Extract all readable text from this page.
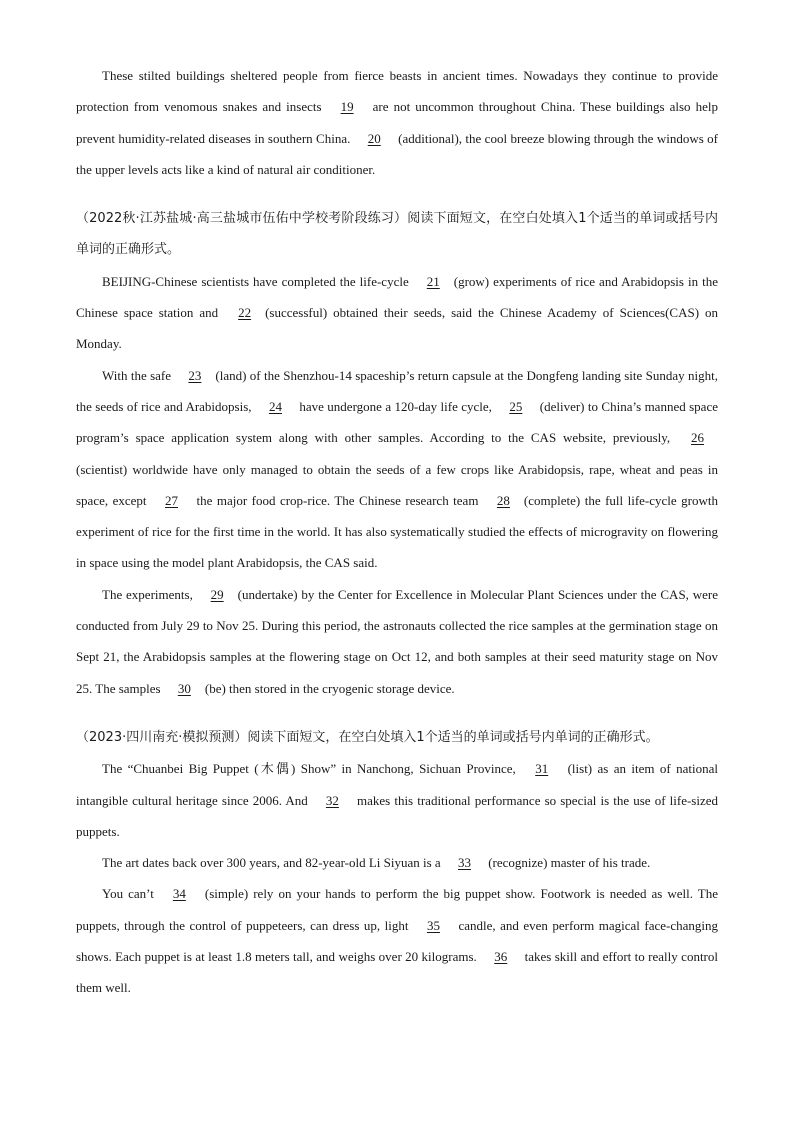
These stilted buildings sheltered people from fierce beasts in ancient times. Nowadays they continue to provide protection from venomous snakes and insects 19 are not uncommon throughout China. These buildings also help prevent humidity-related diseases in southern China. 20 (additional), the cool breeze blowing through the windows of the upper levels acts like a kind of natural air conditioner.

（2022秋·江苏盐城·高三盐城市伍佑中学校考阶段练习）阅读下面短文，在空白处填入1个适当的单词或括号内单词的正确形式。

BEIJING-Chinese scientists have completed the life-cycle 21 (grow) experiments of rice and Arabidopsis in the Chinese space station and 22 (successful) obtained their seeds, said the Chinese Academy of Sciences(CAS) on Monday.

With the safe 23 (land) of the Shenzhou-14 spaceship’s return capsule at the Dongfeng landing site Sunday night, the seeds of rice and Arabidopsis, 24 have undergone a 120-day life cycle, 25 (deliver) to China’s manned space program’s space application system along with other samples. According to the CAS website, previously, 26(scientist) worldwide have only managed to obtain the seeds of a few crops like Arabidopsis, rape, wheat and peas in space, except 27 the major food crop-rice. The Chinese research team 28 (complete) the full life-cycle growth experiment of rice for the first time in the world. It has also systematically studied the effects of microgravity on flowering in space using the model plant Arabidopsis, the CAS said.

The experiments, 29 (undertake) by the Center for Excellence in Molecular Plant Sciences under the CAS, were conducted from July 29 to Nov 25. During this period, the astronauts collected the rice samples at the germination stage on Sept 21, the Arabidopsis samples at the flowering stage on Oct 12, and both samples at their seed maturity stage on Nov 25. The samples 30 (be) then stored in the cryogenic storage device.

（2023·四川南充·模拟预测）阅读下面短文，在空白处填入1个适当的单词或括号内单词的正确形式。

The “Chuanbei Big Puppet (木偶) Show” in Nanchong, Sichuan Province, 31 (list) as an item of national intangible cultural heritage since 2006. And 32 makes this traditional performance so special is the use of life-sized puppets.

The art dates back over 300 years, and 82-year-old Li Siyuan is a 33 (recognize) master of his trade.

You can’t 34 (simple) rely on your hands to perform the big puppet show. Footwork is needed as well. The puppets, through the control of puppeteers, can dress up, light 35 candle, and even perform magical face-changing shows. Each puppet is at least 1.8 meters tall, and weighs over 20 kilograms. 36 takes skill and effort to really control them well.
